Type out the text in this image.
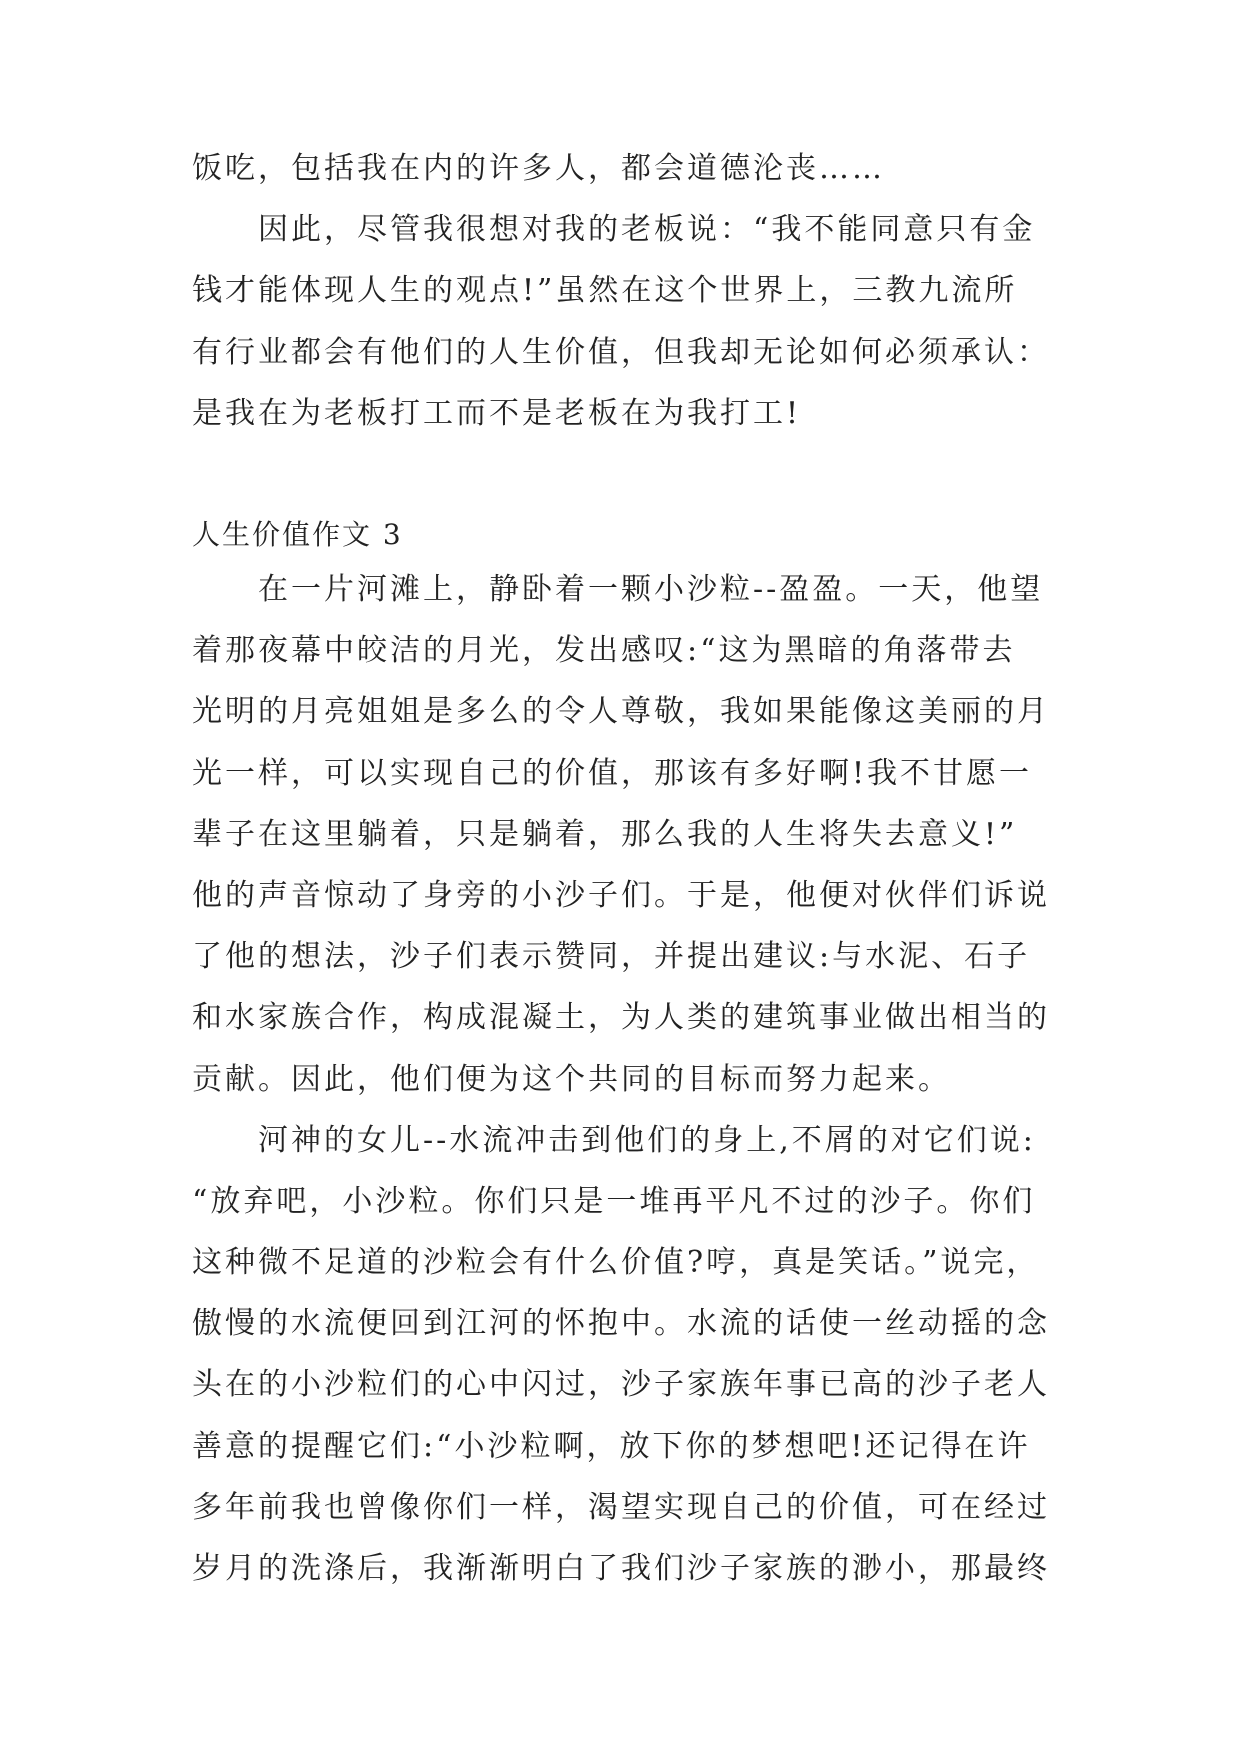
饭吃，包括我在内的许多人，都会道德沦丧……
因此，尽管我很想对我的老板说：“我不能同意只有金
钱才能体现人生的观点!”虽然在这个世界上，三教九流所
有行业都会有他们的人生价值，但我却无论如何必须承认：
是我在为老板打工而不是老板在为我打工!
人生价值作文 3
在一片河滩上，静卧着一颗小沙粒--盈盈。一天，他望
着那夜幕中皎洁的月光，发出感叹:“这为黑暗的角落带去
光明的月亮姐姐是多么的令人尊敬，我如果能像这美丽的月
光一样，可以实现自己的价值，那该有多好啊!我不甘愿一
辈子在这里躺着，只是躺着，那么我的人生将失去意义!”
他的声音惊动了身旁的小沙子们。于是，他便对伙伴们诉说
了他的想法，沙子们表示赞同，并提出建议:与水泥、石子
和水家族合作，构成混凝土，为人类的建筑事业做出相当的
贡献。因此，他们便为这个共同的目标而努力起来。
河神的女儿--水流冲击到他们的身上,不屑的对它们说:
“放弃吧，小沙粒。你们只是一堆再平凡不过的沙子。你们
这种微不足道的沙粒会有什么价值?哼，真是笑话。”说完，
傲慢的水流便回到江河的怀抱中。水流的话使一丝动摇的念
头在的小沙粒们的心中闪过，沙子家族年事已高的沙子老人
善意的提醒它们:“小沙粒啊，放下你的梦想吧!还记得在许
多年前我也曾像你们一样，渴望实现自己的价值，可在经过
岁月的洗涤后，我渐渐明白了我们沙子家族的渺小，那最终
